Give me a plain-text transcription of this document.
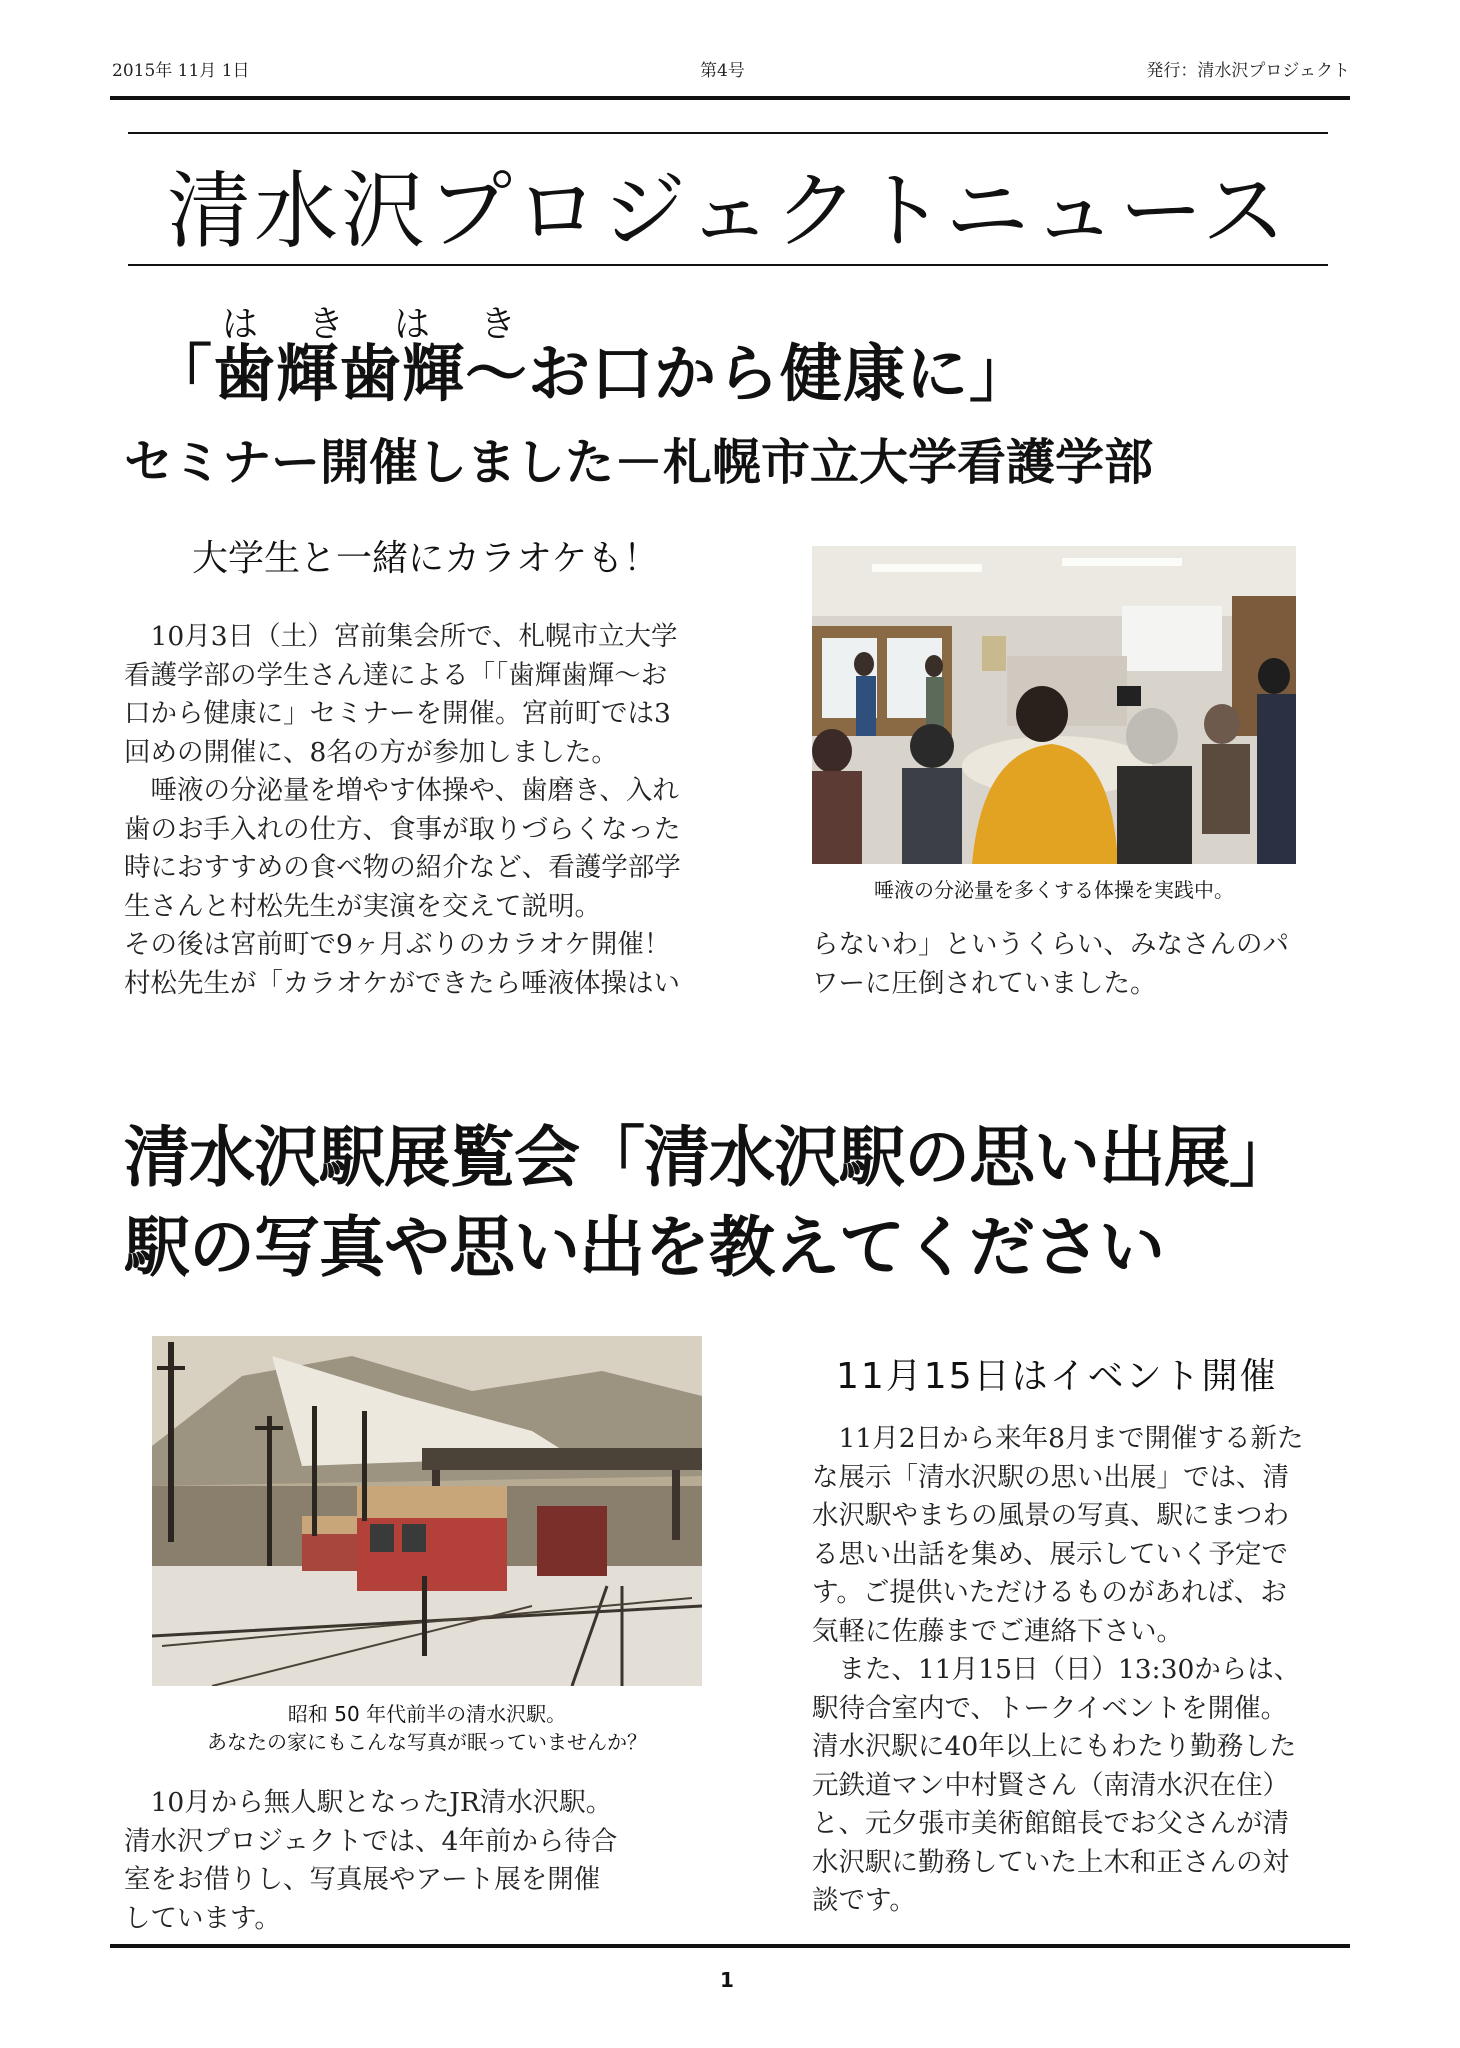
2015年 11月 1日	第4号	発行：清水沢プロジェクト
清水沢プロジェクトニュース
は き は き
「歯輝歯輝〜お口から健康に」
セミナー開催しました－札幌市立大学看護学部
大学生と一緒にカラオケも！
　10月3日（土）宮前集会所で、札幌市立大学
看護学部の学生さん達による「「歯輝歯輝〜お
口から健康に」セミナーを開催。宮前町では3
回めの開催に、8名の方が参加しました。
　唾液の分泌量を増やす体操や、歯磨き、入れ
歯のお手入れの仕方、食事が取りづらくなった
時におすすめの食べ物の紹介など、看護学部学
生さんと村松先生が実演を交えて説明。
その後は宮前町で9ヶ月ぶりのカラオケ開催！
村松先生が「カラオケができたら唾液体操はい
唾液の分泌量を多くする体操を実践中。
らないわ」というくらい、みなさんのパ
ワーに圧倒されていました。
清水沢駅展覧会「清水沢駅の思い出展」
駅の写真や思い出を教えてください
昭和 50 年代前半の清水沢駅。
あなたの家にもこんな写真が眠っていませんか？
　10月から無人駅となったJR清水沢駅。
清水沢プロジェクトでは、4年前から待合
室をお借りし、写真展やアート展を開催
しています。
11月15日はイベント開催
　11月2日から来年8月まで開催する新た
な展示「清水沢駅の思い出展」では、清
水沢駅やまちの風景の写真、駅にまつわ
る思い出話を集め、展示していく予定で
す。ご提供いただけるものがあれば、お
気軽に佐藤までご連絡下さい。
　また、11月15日（日）13:30からは、
駅待合室内で、トークイベントを開催。
清水沢駅に40年以上にもわたり勤務した
元鉄道マン中村賢さん（南清水沢在住）
と、元夕張市美術館館長でお父さんが清
水沢駅に勤務していた上木和正さんの対
談です。
1
